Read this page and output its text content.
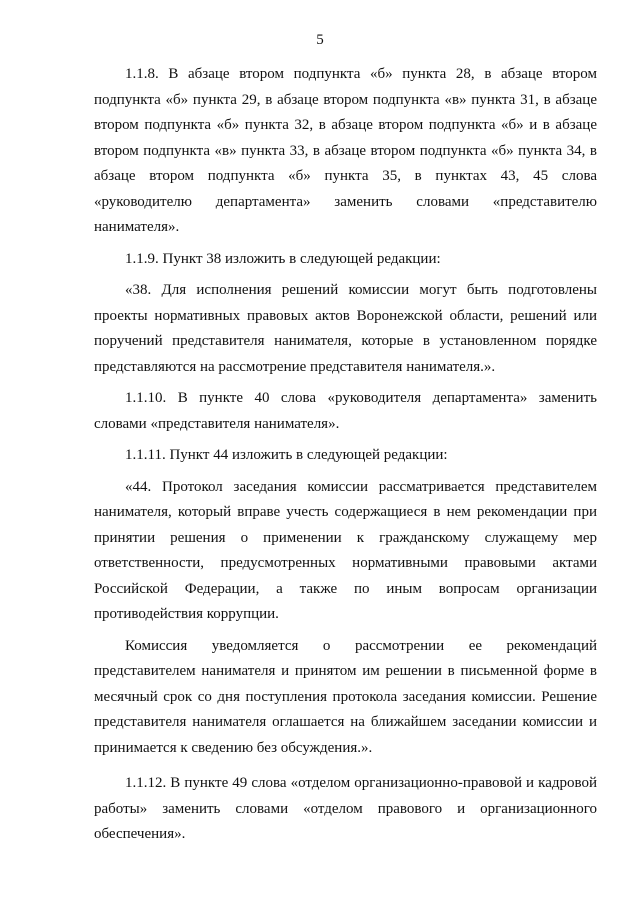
5

1.1.8. В абзаце втором подпункта «б» пункта 28, в абзаце втором подпункта «б» пункта 29, в абзаце втором подпункта «в» пункта 31, в абзаце втором подпункта «б» пункта 32, в абзаце втором подпункта «б» и в абзаце втором подпункта «в» пункта 33, в абзаце втором подпункта «б» пункта 34, в абзаце втором подпункта «б» пункта 35, в пунктах 43, 45 слова «руководителю департамента» заменить словами «представителю нанимателя».

1.1.9. Пункт 38 изложить в следующей редакции:

«38. Для исполнения решений комиссии могут быть подготовлены проекты нормативных правовых актов Воронежской области, решений или поручений представителя нанимателя, которые в установленном порядке представляются на рассмотрение представителя нанимателя.».

1.1.10. В пункте 40 слова «руководителя департамента» заменить словами «представителя нанимателя».

1.1.11. Пункт 44 изложить в следующей редакции:

«44. Протокол заседания комиссии рассматривается представителем нанимателя, который вправе учесть содержащиеся в нем рекомендации при принятии решения о применении к гражданскому служащему мер ответственности, предусмотренных нормативными правовыми актами Российской Федерации, а также по иным вопросам организации противодействия коррупции.

Комиссия уведомляется о рассмотрении ее рекомендаций представителем нанимателя и принятом им решении в письменной форме в месячный срок со дня поступления протокола заседания комиссии. Решение представителя нанимателя оглашается на ближайшем заседании комиссии и принимается к сведению без обсуждения.».

1.1.12. В пункте 49 слова «отделом организационно-правовой и кадровой работы» заменить словами «отделом правового и организационного обеспечения».
